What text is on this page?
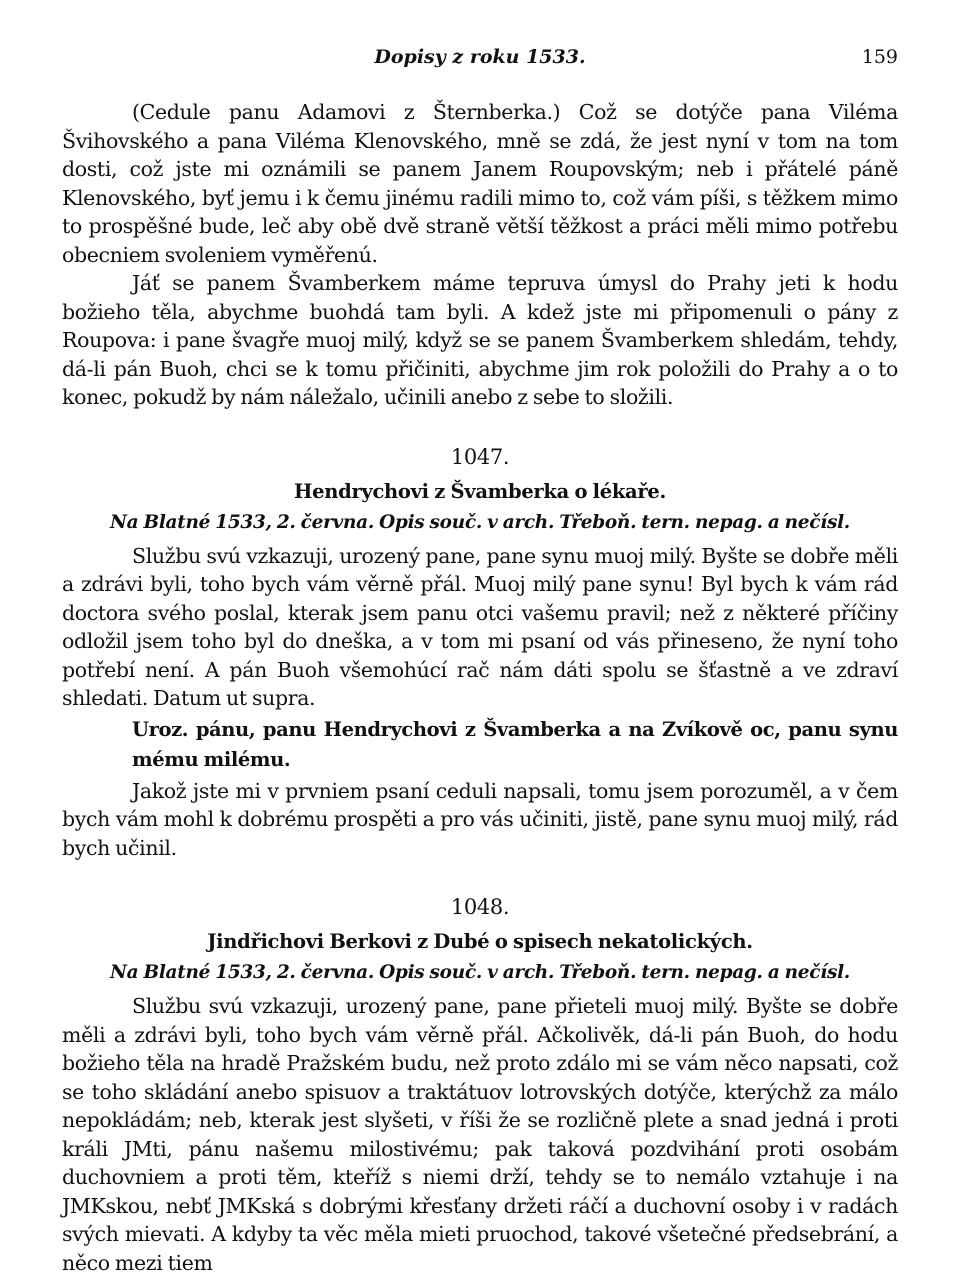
Dopisy z roku 1533.	159

(Cedule panu Adamovi z Šternberka.) Což se dotýče pana Viléma Švihovského a pana Viléma Klenovského, mně se zdá, že jest nyní v tom na tom dosti, což jste mi oznámili se panem Janem Roupovským; neb i přátelé páně Klenovského, byť jemu i k čemu jinému radili mimo to, což vám píši, s těžkem mimo to prospěšné bude, leč aby obě dvě straně větší těžkost a práci měli mimo potřebu obecniem svoleniem vyměřenú.

Jáť se panem Švamberkem máme tepruva úmysl do Prahy jeti k hodu božieho těla, abychme buohdá tam byli. A kdež jste mi připomenuli o pány z Roupova: i pane švagře muoj milý, když se se panem Švamberkem shledám, tehdy, dá-li pán Buoh, chci se k tomu přičiniti, abychme jim rok položili do Prahy a o to konec, pokudž by nám náležalo, učinili anebo z sebe to složili.

1047.
Hendrychovi z Švamberka o lékaře.
Na Blatné 1533, 2. června. Opis souč. v arch. Třeboň. tern. nepag. a nečísl.

Službu svú vzkazuji, urozený pane, pane synu muoj milý. Byšte se dobře měli a zdrávi byli, toho bych vám věrně přál. Muoj milý pane synu! Byl bych k vám rád doctora svého poslal, kterak jsem panu otci vašemu pravil; než z některé příčiny odložil jsem toho byl do dneška, a v tom mi psaní od vás přineseno, že nyní toho potřebí není. A pán Buoh všemohúcí rač nám dáti spolu se šťastně a ve zdraví shledati. Datum ut supra.

Uroz. pánu, panu Hendrychovi z Švamberka a na Zvíkově oc, panu synu mému milému.

Jakož jste mi v prvniem psaní ceduli napsali, tomu jsem porozuměl, a v čem bych vám mohl k dobrému prospěti a pro vás učiniti, jistě, pane synu muoj milý, rád bych učinil.

1048.
Jindřichovi Berkovi z Dubé o spisech nekatolických.
Na Blatné 1533, 2. června. Opis souč. v arch. Třeboň. tern. nepag. a nečísl.

Službu svú vzkazuji, urozený pane, pane přieteli muoj milý. Byšte se dobře měli a zdrávi byli, toho bych vám věrně přál. Ačkolivěk, dá-li pán Buoh, do hodu božieho těla na hradě Pražském budu, než proto zdálo mi se vám něco napsati, což se toho skládání anebo spisuov a traktátuov lotrovských dotýče, kterýchž za málo nepokládám; neb, kterak jest slyšeti, v říši že se rozličně plete a snad jedná i proti králi JMti, pánu našemu milostivému; pak taková pozdvihání proti osobám duchovniem a proti těm, kteříž s niemi drží, tehdy se to nemálo vztahuje i na JMKskou, nebť JMKská s dobrými křesťany držeti ráčí a duchovní osoby i v radách svých mievati. A kdyby ta věc měla mieti pruochod, takové všetečné předsebrání, a něco mezi tiem
